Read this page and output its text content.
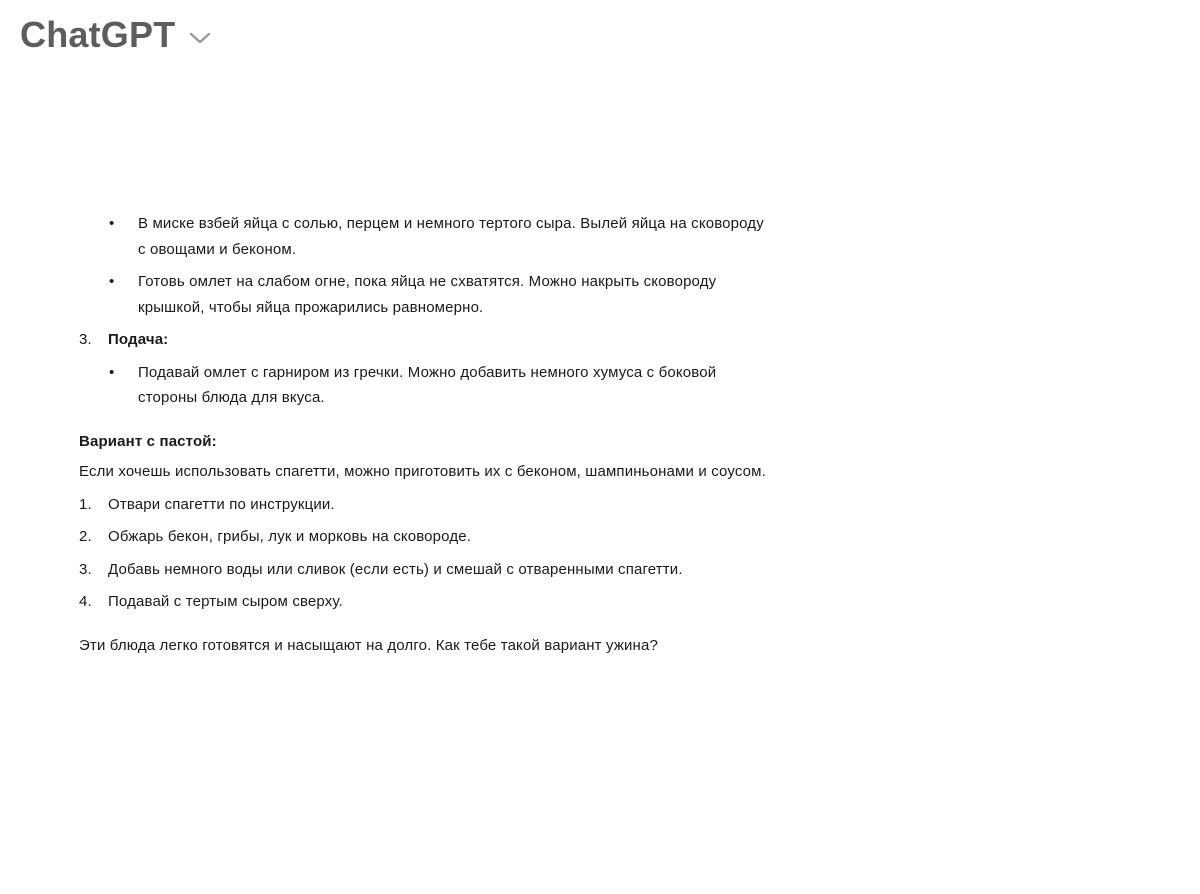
ChatGPT
• В миске взбей яйца с солью, перцем и немного тертого сыра. Вылей яйца на сковороду с овощами и беконом.
• Готовь омлет на слабом огне, пока яйца не схватятся. Можно накрыть сковороду крышкой, чтобы яйца прожарились равномерно.
3. Подача:
• Подавай омлет с гарниром из гречки. Можно добавить немного хумуса с боковой стороны блюда для вкуса.
Вариант с пастой:

Если хочешь использовать спагетти, можно приготовить их с беконом, шампиньонами и соусом.

1. Отвари спагетти по инструкции.
2. Обжарь бекон, грибы, лук и морковь на сковороде.
3. Добавь немного воды или сливок (если есть) и смешай с отваренными спагетти.
4. Подавай с тертым сыром сверху.

Эти блюда легко готовятся и насыщают на долго. Как тебе такой вариант ужина?
